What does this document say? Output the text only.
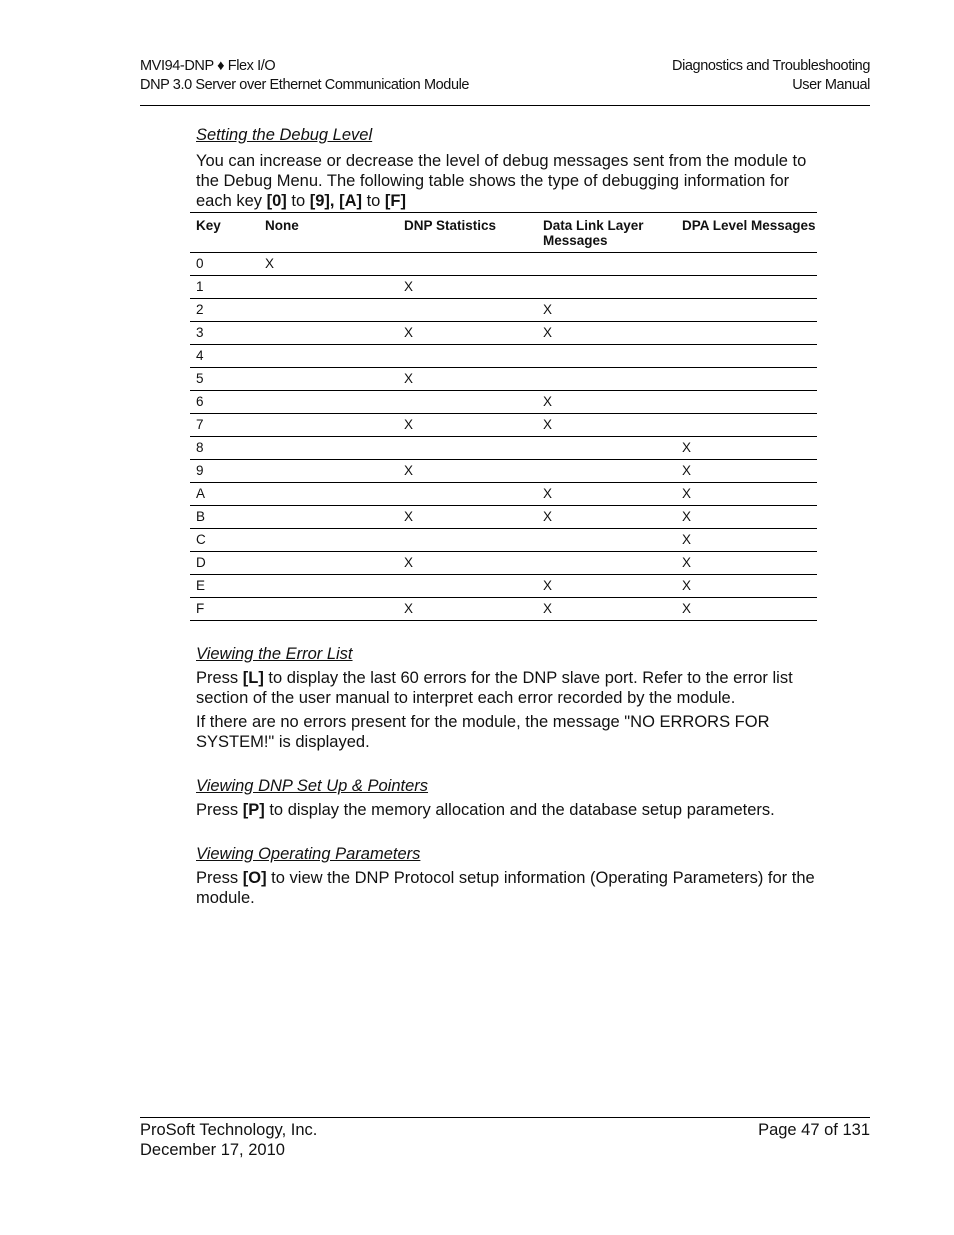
MVI94-DNP ♦ Flex I/O
DNP 3.0 Server over Ethernet Communication Module
Diagnostics and Troubleshooting
User Manual
Setting the Debug Level

You can increase or decrease the level of debug messages sent from the module to the Debug Menu. The following table shows the type of debugging information for each key [0] to [9], [A] to [F]

Key	None	DNP Statistics	Data Link Layer Messages	DPA Level Messages
0	X			
1		X		
2			X	
3		X	X	
4				
5		X		
6			X	
7		X	X	
8				X
9		X		X
A			X	X
B		X	X	X
C				X
D		X		X
E			X	X
F		X	X	X
Viewing the Error List

Press [L] to display the last 60 errors for the DNP slave port. Refer to the error list section of the user manual to interpret each error recorded by the module.

If there are no errors present for the module, the message "NO ERRORS FOR SYSTEM!" is displayed.

Viewing DNP Set Up & Pointers

Press [P] to display the memory allocation and the database setup parameters.

Viewing Operating Parameters

Press [O] to view the DNP Protocol setup information (Operating Parameters) for the module.

ProSoft Technology, Inc.
December 17, 2010
Page 47 of 131
